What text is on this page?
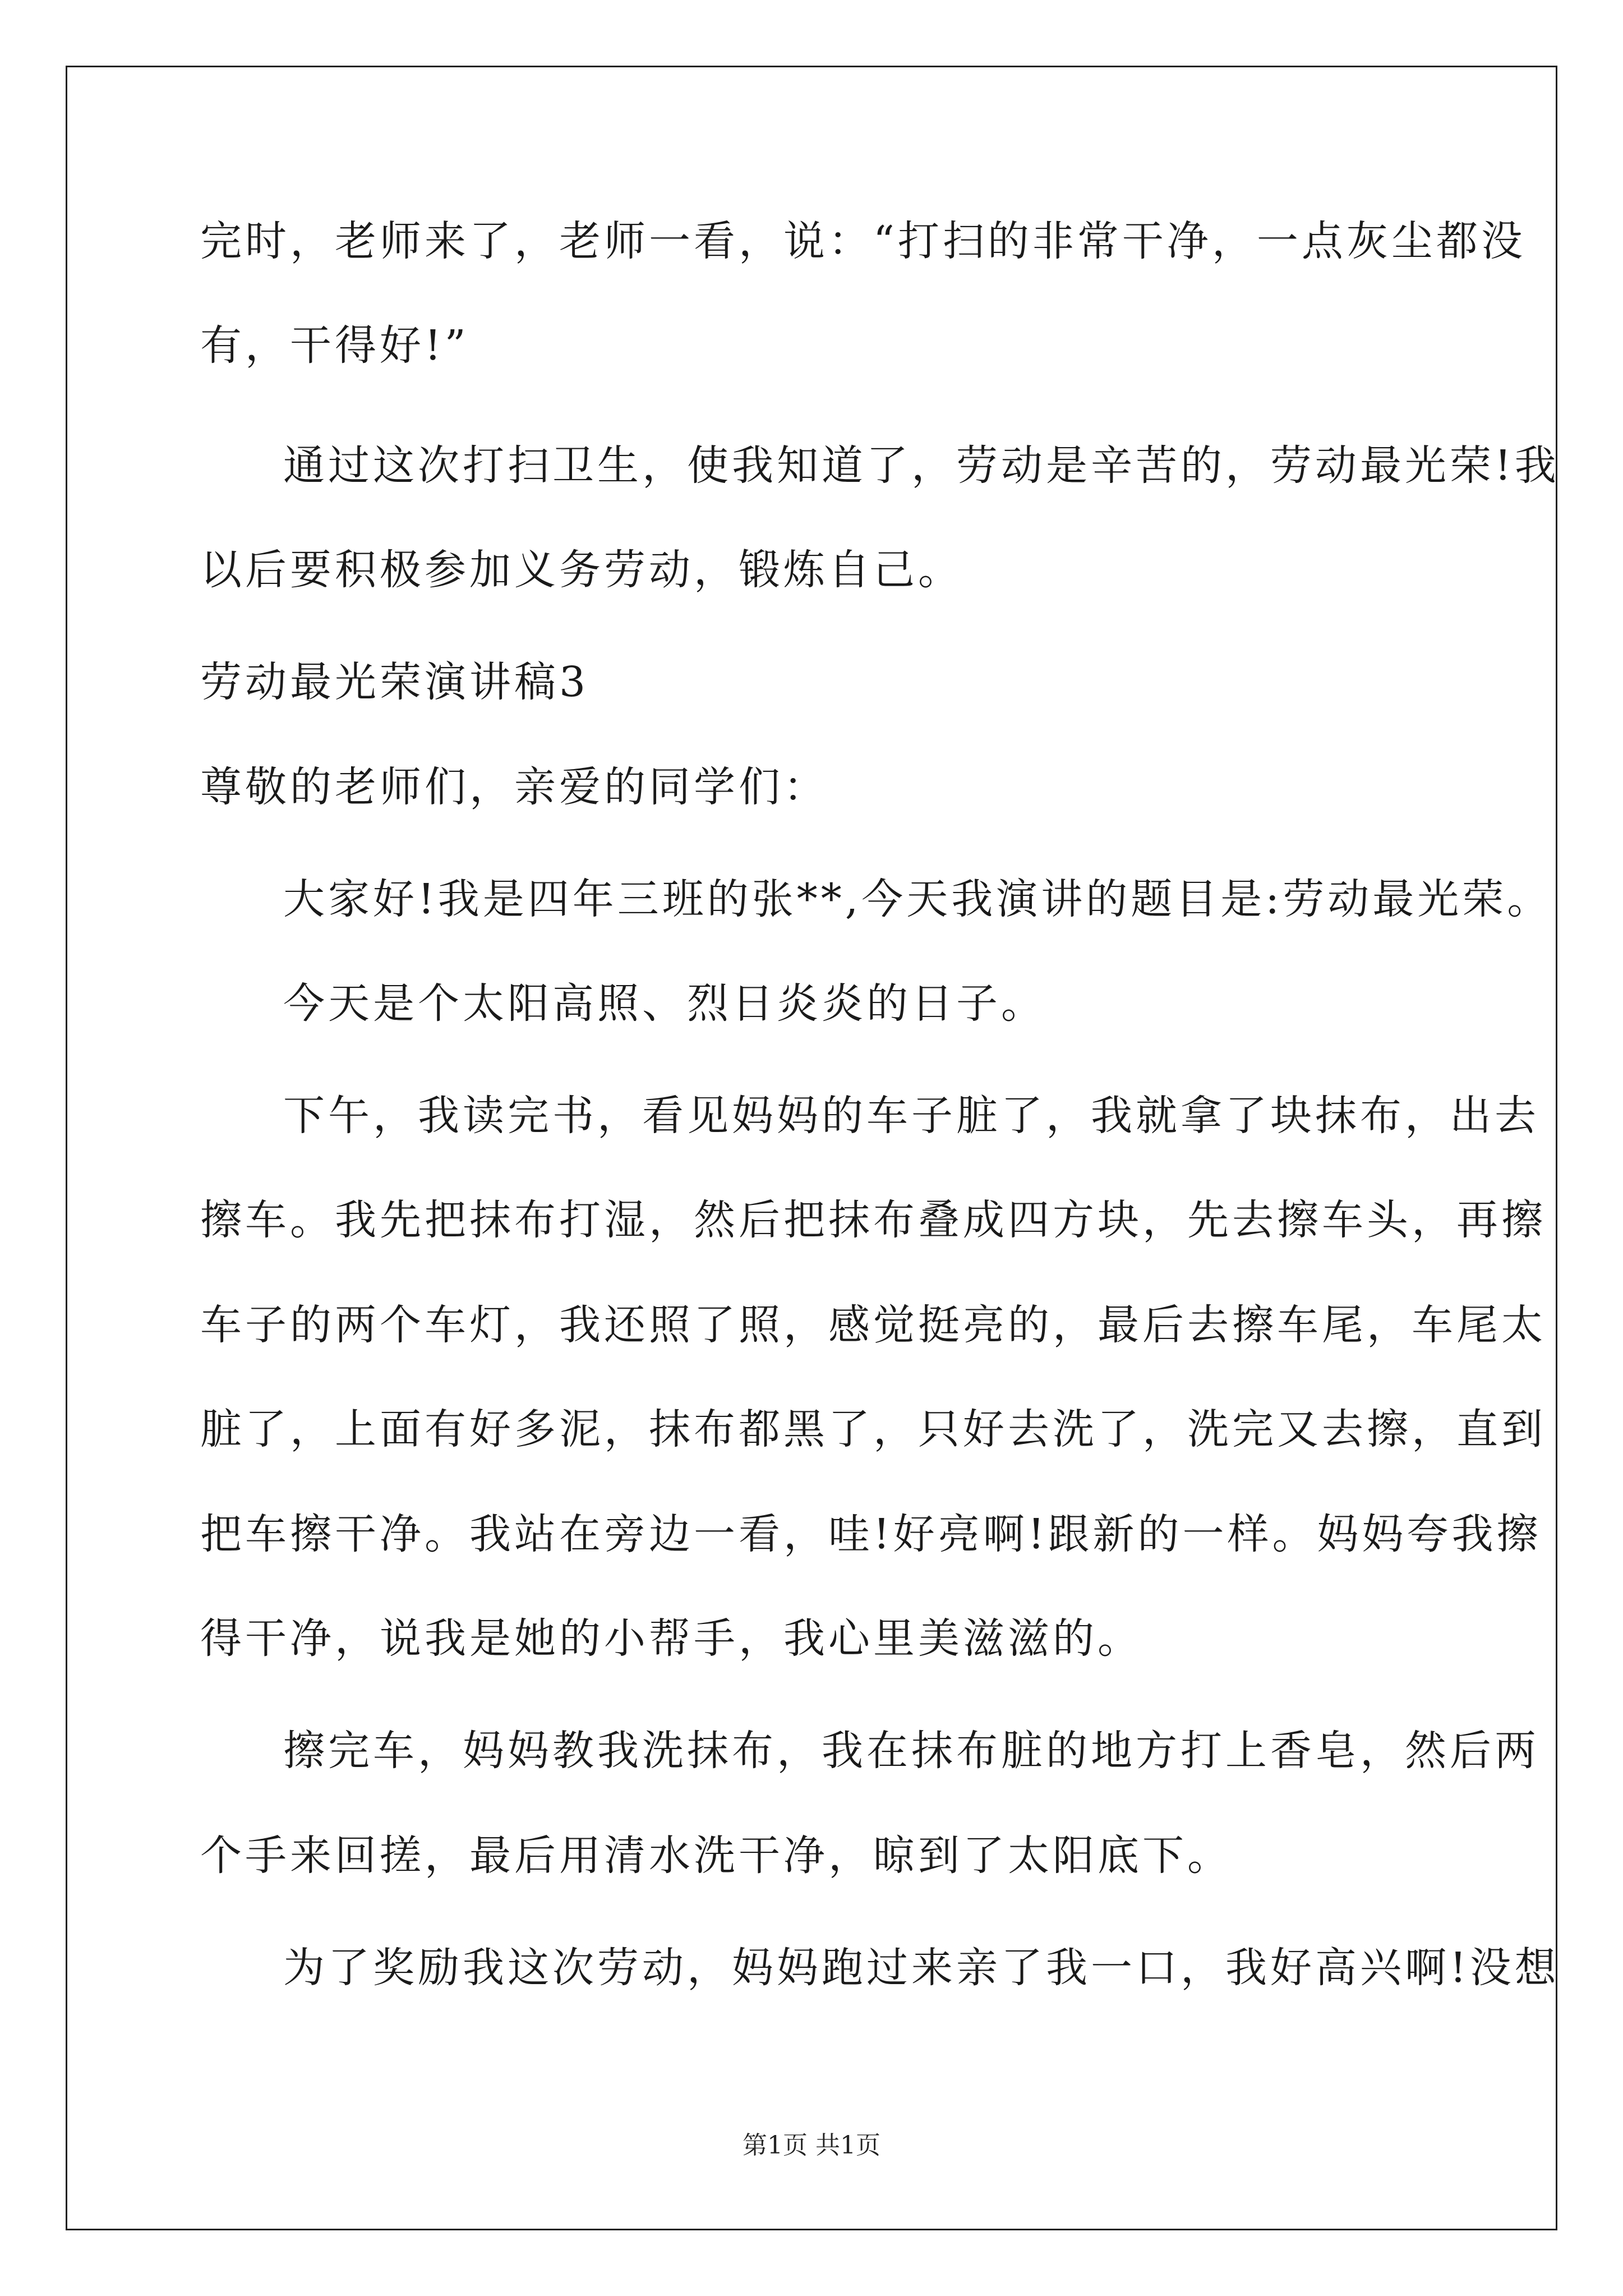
完时，老师来了，老师一看，说：“打扫的非常干净，一点灰尘都没
有，干得好!”
通过这次打扫卫生，使我知道了，劳动是辛苦的，劳动最光荣!我
以后要积极参加义务劳动，锻炼自己。
劳动最光荣演讲稿3
尊敬的老师们，亲爱的同学们：
大家好!我是四年三班的张**,今天我演讲的题目是:劳动最光荣。
今天是个太阳高照、烈日炎炎的日子。
下午，我读完书，看见妈妈的车子脏了，我就拿了块抹布，出去
擦车。我先把抹布打湿，然后把抹布叠成四方块，先去擦车头，再擦
车子的两个车灯，我还照了照，感觉挺亮的，最后去擦车尾，车尾太
脏了，上面有好多泥，抹布都黑了，只好去洗了，洗完又去擦，直到
把车擦干净。我站在旁边一看，哇!好亮啊!跟新的一样。妈妈夸我擦
得干净，说我是她的小帮手，我心里美滋滋的。
擦完车，妈妈教我洗抹布，我在抹布脏的地方打上香皂，然后两
个手来回搓，最后用清水洗干净，晾到了太阳底下。
为了奖励我这次劳动，妈妈跑过来亲了我一口，我好高兴啊!没想
第1页 共1页
